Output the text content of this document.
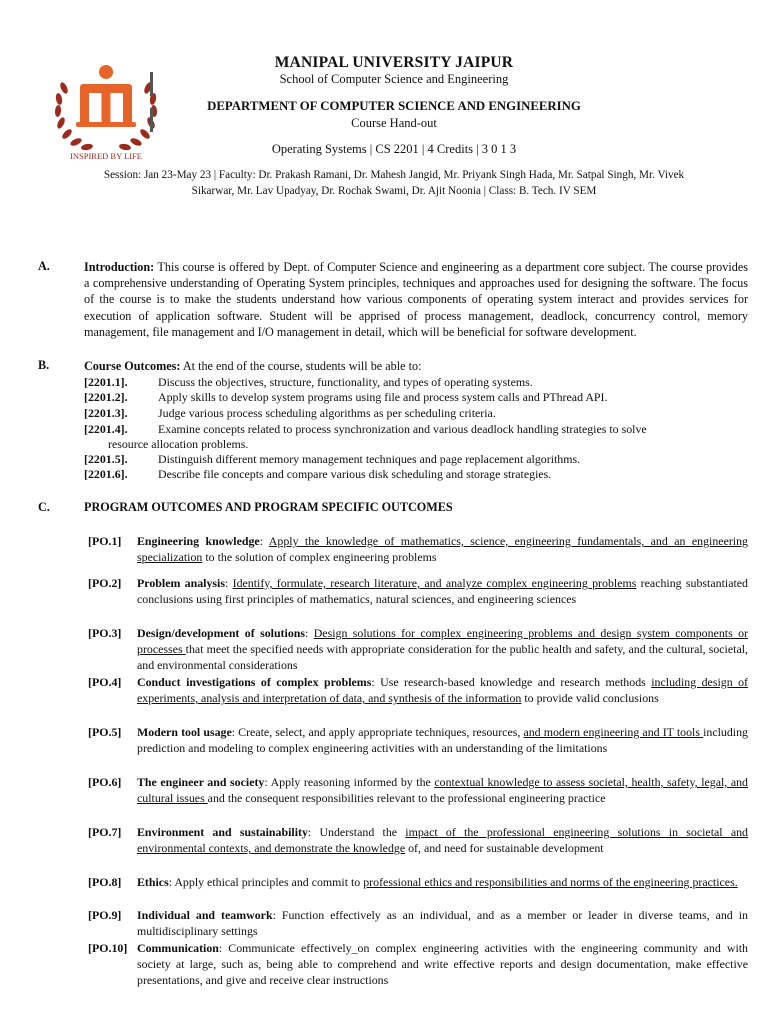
INSPIRED BY LIFE
MANIPAL UNIVERSITY JAIPUR
School of Computer Science and Engineering
DEPARTMENT OF COMPUTER SCIENCE AND ENGINEERING
Course Hand-out
Operating Systems | CS 2201 | 4 Credits | 3 0 1 3
Session: Jan 23-May 23 | Faculty: Dr. Prakash Ramani, Dr. Mahesh Jangid, Mr. Priyank Singh Hada, Mr. Satpal Singh, Mr. Vivek
Sikarwar, Mr. Lav Upadyay, Dr. Rochak Swami, Dr. Ajit Noonia | Class: B. Tech. IV SEM
A.	Introduction: This course is offered by Dept. of Computer Science and engineering as a department core subject. The course provides a comprehensive understanding of Operating System principles, techniques and approaches used for designing the software. The focus of the course is to make the students understand how various components of operating system interact and provides services for execution of application software. Student will be apprised of process management, deadlock, concurrency control, memory management, file management and I/O management in detail, which will be beneficial for software development.
B.	Course Outcomes: At the end of the course, students will be able to:
[2201.1].	Discuss the objectives, structure, functionality, and types of operating systems.
[2201.2].	Apply skills to develop system programs using file and process system calls and PThread API.
[2201.3].	Judge various process scheduling algorithms as per scheduling criteria.
[2201.4].	Examine concepts related to process synchronization and various deadlock handling strategies to solve
resource allocation problems.
[2201.5].	Distinguish different memory management techniques and page replacement algorithms.
[2201.6].	Describe file concepts and compare various disk scheduling and storage strategies.
C.	PROGRAM OUTCOMES AND PROGRAM SPECIFIC OUTCOMES
[PO.1] Engineering knowledge: Apply the knowledge of mathematics, science, engineering fundamentals, and an engineering specialization to the solution of complex engineering problems
[PO.2] Problem analysis: Identify, formulate, research literature, and analyze complex engineering problems reaching substantiated conclusions using first principles of mathematics, natural sciences, and engineering sciences
[PO.3] Design/development of solutions: Design solutions for complex engineering problems and design system components or processes that meet the specified needs with appropriate consideration for the public health and safety, and the cultural, societal, and environmental considerations
[PO.4] Conduct investigations of complex problems: Use research-based knowledge and research methods including design of experiments, analysis and interpretation of data, and synthesis of the information to provide valid conclusions
[PO.5] Modern tool usage: Create, select, and apply appropriate techniques, resources, and modern engineering and IT tools including prediction and modeling to complex engineering activities with an understanding of the limitations
[PO.6] The engineer and society: Apply reasoning informed by the contextual knowledge to assess societal, health, safety, legal, and cultural issues and the consequent responsibilities relevant to the professional engineering practice
[PO.7] Environment and sustainability: Understand the impact of the professional engineering solutions in societal and environmental contexts, and demonstrate the knowledge of, and need for sustainable development
[PO.8] Ethics: Apply ethical principles and commit to professional ethics and responsibilities and norms of the engineering practices.
[PO.9] Individual and teamwork: Function effectively as an individual, and as a member or leader in diverse teams, and in multidisciplinary settings
[PO.10] Communication: Communicate effectively_on complex engineering activities with the engineering community and with society at large, such as, being able to comprehend and write effective reports and design documentation, make effective presentations, and give and receive clear instructions
